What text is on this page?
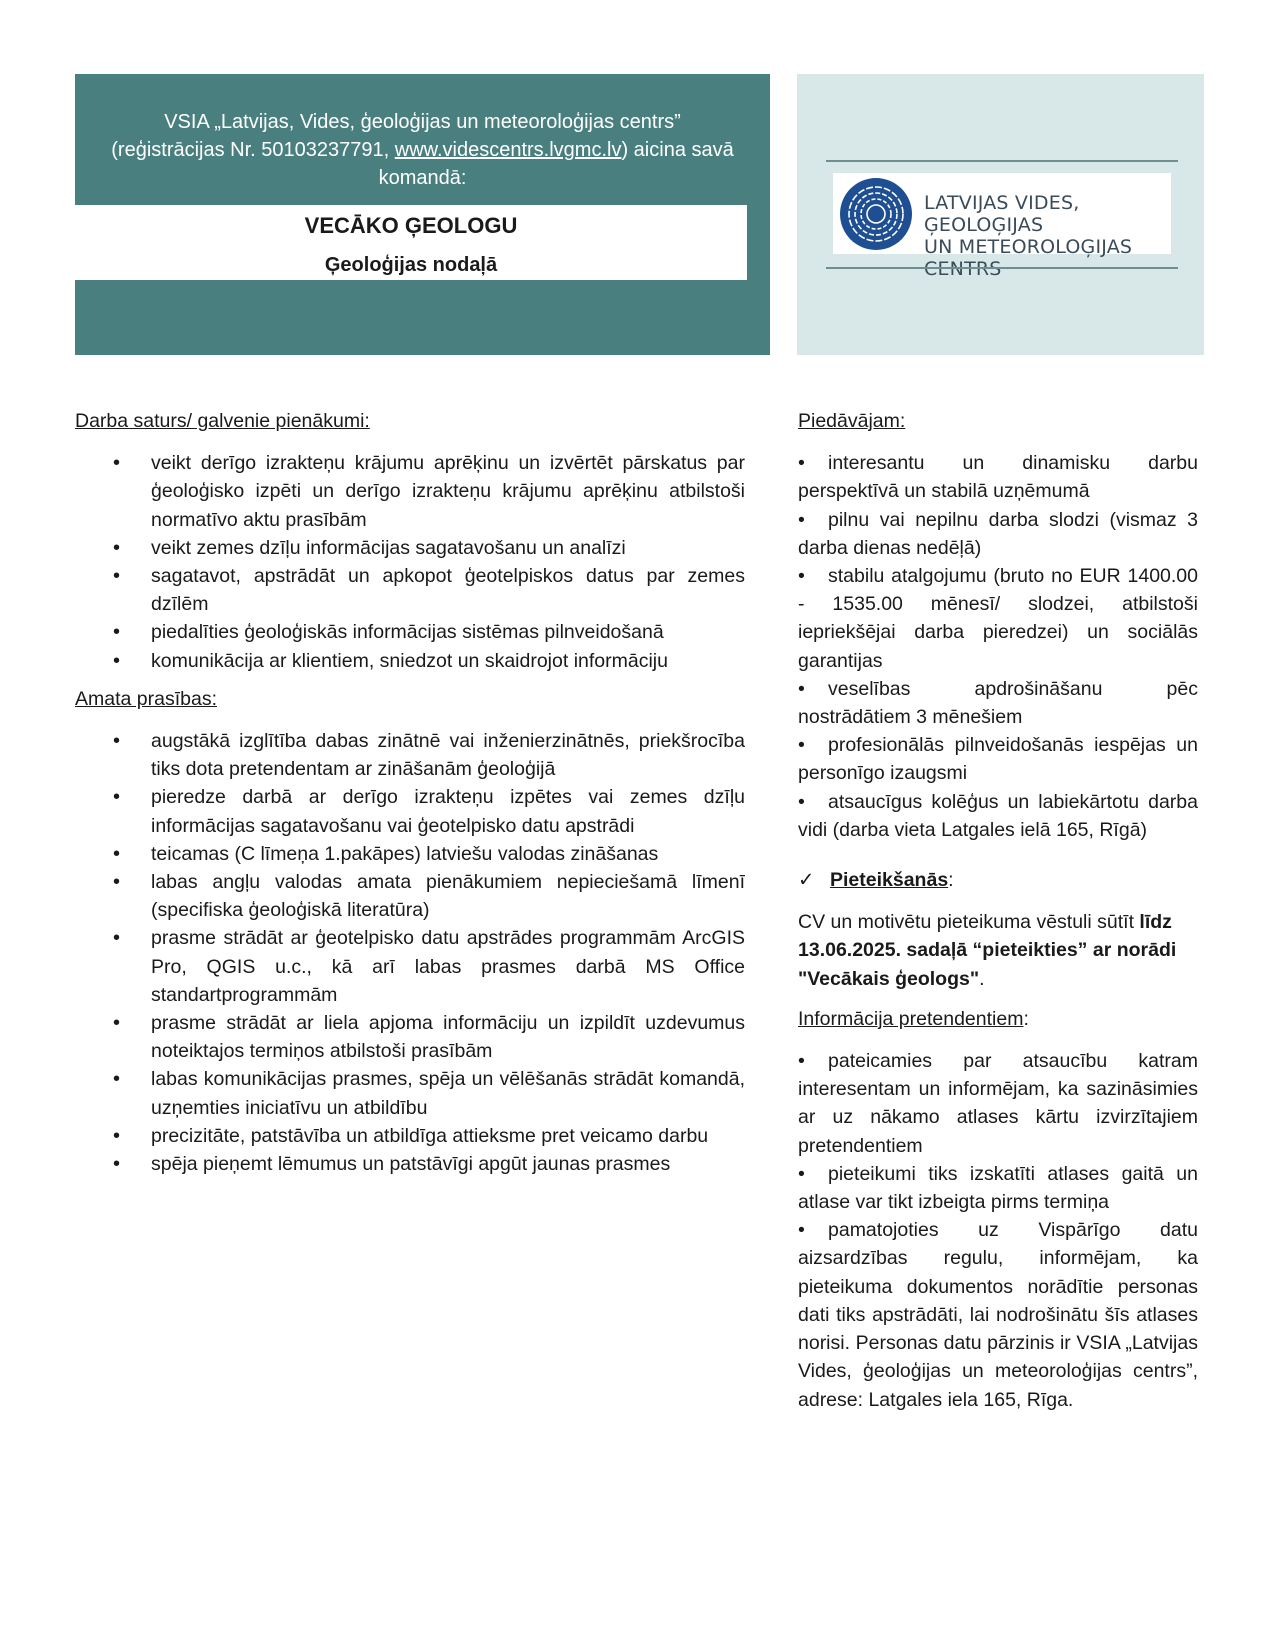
VSIA „Latvijas, Vides, ģeoloģijas un meteoroloģijas centrs”
(reģistrācijas Nr. 50103237791, www.videscentrs.lvgmc.lv) aicina savā
komandā:
VECĀKO ĢEOLOGU
Ģeoloģijas nodaļā
LATVIJAS VIDES, ĢEOLOĢIJAS
UN METEOROLOĢIJAS CENTRS
Darba saturs/ galvenie pienākumi:
• veikt derīgo izrakteņu krājumu aprēķinu un izvērtēt pārskatus par ģeoloģisko izpēti un derīgo izrakteņu krājumu aprēķinu atbilstoši normatīvo aktu prasībām
• veikt zemes dzīļu informācijas sagatavošanu un analīzi
• sagatavot, apstrādāt un apkopot ģeotelpiskos datus par zemes dzīlēm
• piedalīties ģeoloģiskās informācijas sistēmas pilnveidošanā
• komunikācija ar klientiem, sniedzot un skaidrojot informāciju
Amata prasības:
• augstākā izglītība dabas zinātnē vai inženierzinātnēs, priekšrocība tiks dota pretendentam ar zināšanām ģeoloģijā
• pieredze darbā ar derīgo izrakteņu izpētes vai zemes dzīļu informācijas sagatavošanu vai ģeotelpisko datu apstrādi
• teicamas (C līmeņa 1.pakāpes) latviešu valodas zināšanas
• labas angļu valodas amata pienākumiem nepieciešamā līmenī (specifiska ģeoloģiskā literatūra)
• prasme strādāt ar ģeotelpisko datu apstrādes programmām ArcGIS Pro, QGIS u.c., kā arī labas prasmes darbā MS Office standartprogrammām
• prasme strādāt ar liela apjoma informāciju un izpildīt uzdevumus noteiktajos termiņos atbilstoši prasībām
• labas komunikācijas prasmes, spēja un vēlēšanās strādāt komandā, uzņemties iniciatīvu un atbildību
• precizitāte, patstāvība un atbildīga attieksme pret veicamo darbu
• spēja pieņemt lēmumus un patstāvīgi apgūt jaunas prasmes
Piedāvājam:

• interesantu un dinamisku darbu perspektīvā un stabilā uzņēmumā

• pilnu vai nepilnu darba slodzi (vismaz 3 darba dienas nedēļā)

• stabilu atalgojumu (bruto no EUR 1400.00 - 1535.00 mēnesī/ slodzei, atbilstoši iepriekšējai darba pieredzei) un sociālās garantijas

• veselības apdrošināšanu pēc nostrādātiem 3 mēnešiem

• profesionālās pilnveidošanās iespējas un personīgo izaugsmi

• atsaucīgus kolēģus un labiekārtotu darba vidi (darba vieta Latgales ielā 165, Rīgā)

✓ Pieteikšanās:

CV un motivētu pieteikuma vēstuli sūtīt līdz 13.06.2025. sadaļā “pieteikties” ar norādi "Vecākais ģeologs".

Informācija pretendentiem:

• pateicamies par atsaucību katram interesentam un informējam, ka sazināsimies ar uz nākamo atlases kārtu izvirzītajiem pretendentiem

• pieteikumi tiks izskatīti atlases gaitā un atlase var tikt izbeigta pirms termiņa

• pamatojoties uz Vispārīgo datu aizsardzības regulu, informējam, ka pieteikuma dokumentos norādītie personas dati tiks apstrādāti, lai nodrošinātu šīs atlases norisi. Personas datu pārzinis ir VSIA „Latvijas Vides, ģeoloģijas un meteoroloģijas centrs”, adrese: Latgales iela 165, Rīga.
